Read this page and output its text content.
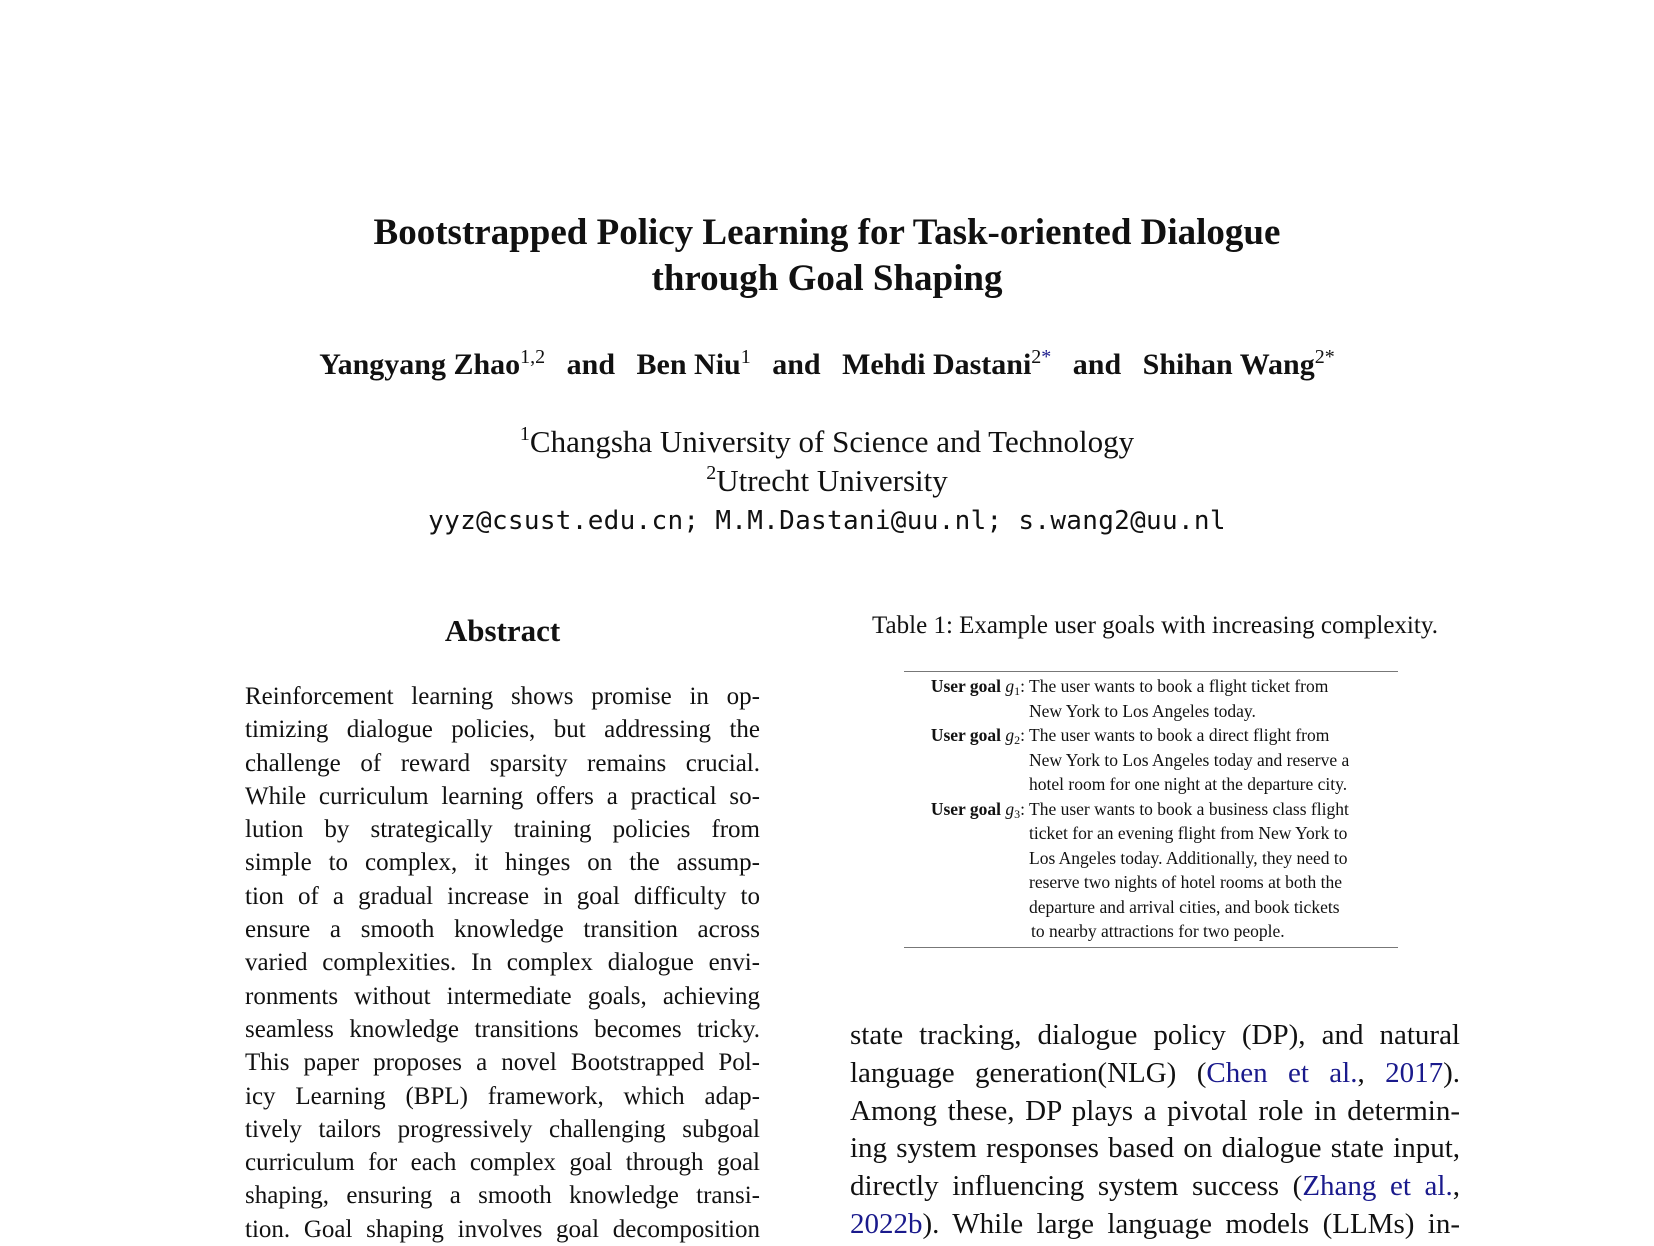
Bootstrapped Policy Learning for Task-oriented Dialogue
through Goal Shaping
Yangyang Zhao$^{1,2}$ and Ben Niu$^1$ and Mehdi Dastani$^{2*}$ and Shihan Wang$^{2*}$
$^1$Changsha University of Science and Technology
$^2$Utrecht University
yyz@csust.edu.cn; M.M.Dastani@uu.nl; s.wang2@uu.nl
Abstract
Reinforcement learning shows promise in op-
timizing dialogue policies, but addressing the
challenge of reward sparsity remains crucial.
While curriculum learning offers a practical so-
lution by strategically training policies from
simple to complex, it hinges on the assump-
tion of a gradual increase in goal difficulty to
ensure a smooth knowledge transition across
varied complexities. In complex dialogue envi-
ronments without intermediate goals, achieving
seamless knowledge transitions becomes tricky.
This paper proposes a novel Bootstrapped Pol-
icy Learning (BPL) framework, which adap-
tively tailors progressively challenging subgoal
curriculum for each complex goal through goal
shaping, ensuring a smooth knowledge transi-
tion. Goal shaping involves goal decomposition
Table 1: Example user goals with increasing complexity.
User goal $g_1$: The user wants to book a flight ticket from
New York to Los Angeles today.
User goal $g_2$: The user wants to book a direct flight from
New York to Los Angeles today and reserve a
hotel room for one night at the departure city.
User goal $g_3$: The user wants to book a business class flight
ticket for an evening flight from New York to
Los Angeles today. Additionally, they need to
reserve two nights of hotel rooms at both the
departure and arrival cities, and book tickets
to nearby attractions for two people.
state tracking, dialogue policy (DP), and natural
language generation(NLG) (Chen et al., 2017).
Among these, DP plays a pivotal role in determin-
ing system responses based on dialogue state input,
directly influencing system success (Zhang et al.,
2022b). While large language models (LLMs) in-
